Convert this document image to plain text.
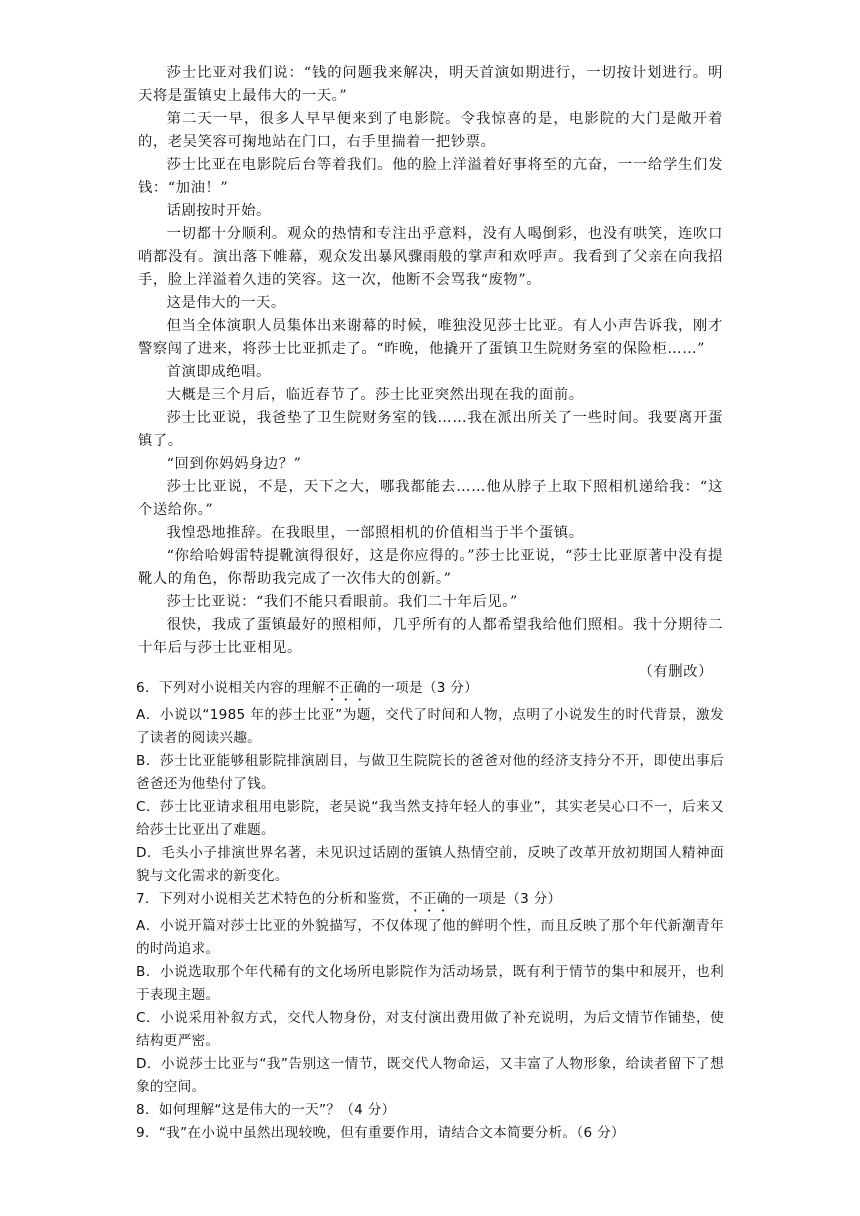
莎士比亚对我们说：“钱的问题我来解决，明天首演如期进行，一切按计划进行。明天将是蛋镇史上最伟大的一天。”

第二天一早，很多人早早便来到了电影院。令我惊喜的是，电影院的大门是敞开着的，老吴笑容可掬地站在门口，右手里揣着一把钞票。

莎士比亚在电影院后台等着我们。他的脸上洋溢着好事将至的亢奋，一一给学生们发钱：“加油！”

话剧按时开始。

一切都十分顺利。观众的热情和专注出乎意料，没有人喝倒彩，也没有哄笑，连吹口哨都没有。演出落下帷幕，观众发出暴风骤雨般的掌声和欢呼声。我看到了父亲在向我招手，脸上洋溢着久违的笑容。这一次，他断不会骂我“废物”。

这是伟大的一天。

但当全体演职人员集体出来谢幕的时候，唯独没见莎士比亚。有人小声告诉我，刚才警察闯了进来，将莎士比亚抓走了。“昨晚，他撬开了蛋镇卫生院财务室的保险柜……”

首演即成绝唱。

大概是三个月后，临近春节了。莎士比亚突然出现在我的面前。

莎士比亚说，我爸垫了卫生院财务室的钱……我在派出所关了一些时间。我要离开蛋镇了。

“回到你妈妈身边？”

莎士比亚说，不是，天下之大，哪我都能去……他从脖子上取下照相机递给我：“这个送给你。”

我惶恐地推辞。在我眼里，一部照相机的价值相当于半个蛋镇。

“你给哈姆雷特提靴演得很好，这是你应得的。”莎士比亚说，“莎士比亚原著中没有提靴人的角色，你帮助我完成了一次伟大的创新。”

莎士比亚说：“我们不能只看眼前。我们二十年后见。”

很快，我成了蛋镇最好的照相师，几乎所有的人都希望我给他们照相。我十分期待二十年后与莎士比亚相见。

（有删改）

6．下列对小说相关内容的理解不正确的一项是（3 分）

A．小说以“1985 年的莎士比亚”为题，交代了时间和人物，点明了小说发生的时代背景，激发了读者的阅读兴趣。

B．莎士比亚能够租影院排演剧目，与做卫生院院长的爸爸对他的经济支持分不开，即使出事后爸爸还为他垫付了钱。

C．莎士比亚请求租用电影院，老吴说“我当然支持年轻人的事业”，其实老吴心口不一，后来又给莎士比亚出了难题。

D．毛头小子排演世界名著，未见识过话剧的蛋镇人热情空前，反映了改革开放初期国人精神面貌与文化需求的新变化。

7．下列对小说相关艺术特色的分析和鉴赏，不正确的一项是（3 分）

A．小说开篇对莎士比亚的外貌描写，不仅体现了他的鲜明个性，而且反映了那个年代新潮青年的时尚追求。

B．小说选取那个年代稀有的文化场所电影院作为活动场景，既有利于情节的集中和展开，也利于表现主题。

C．小说采用补叙方式，交代人物身份，对支付演出费用做了补充说明，为后文情节作铺垫，使结构更严密。

D．小说莎士比亚与“我”告别这一情节，既交代人物命运，又丰富了人物形象，给读者留下了想象的空间。

8．如何理解“这是伟大的一天”？（4 分）

9．“我”在小说中虽然出现较晚，但有重要作用，请结合文本简要分析。（6 分）
